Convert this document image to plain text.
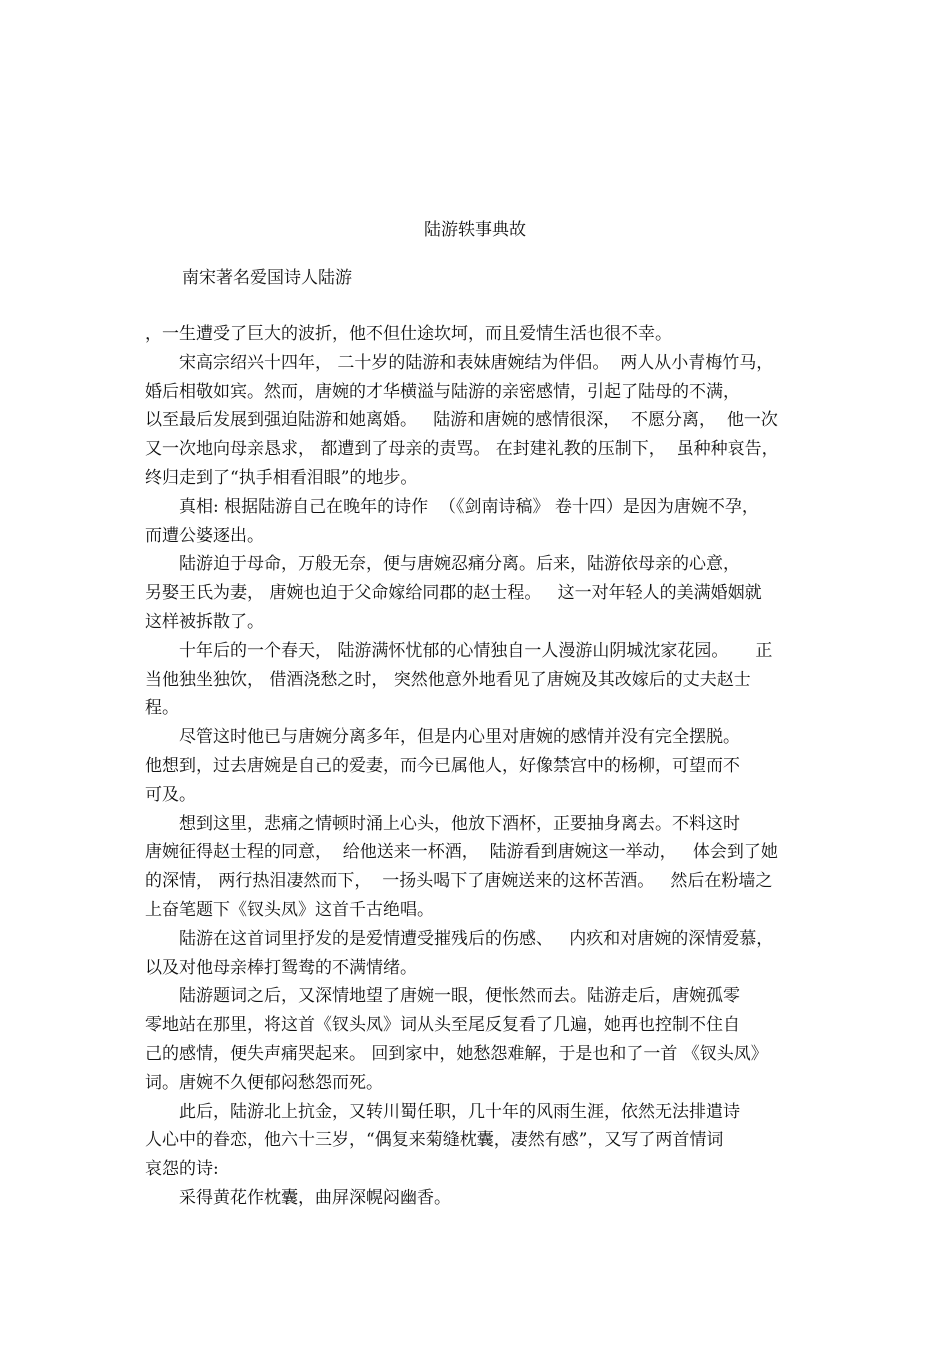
陆游轶事典故
南宋著名爱国诗人陆游
，一生遭受了巨大的波折，他不但仕途坎坷，而且爱情生活也很不幸。
　　宋高宗绍兴十四年， 二十岁的陆游和表妹唐婉结为伴侣。  两人从小青梅竹马，
婚后相敬如宾。然而，唐婉的才华横溢与陆游的亲密感情，引起了陆母的不满，
以至最后发展到强迫陆游和她离婚。   陆游和唐婉的感情很深，  不愿分离，  他一次
又一次地向母亲恳求， 都遭到了母亲的责骂。 在封建礼教的压制下，  虽种种哀告，
终归走到了“执手相看泪眼”的地步。
　　真相: 根据陆游自己在晚年的诗作  （《剑南诗稿》 卷十四）是因为唐婉不孕，
而遭公婆逐出。
　　陆游迫于母命，万般无奈，便与唐婉忍痛分离。后来，陆游依母亲的心意，
另娶王氏为妻， 唐婉也迫于父命嫁给同郡的赵士程。   这一对年轻人的美满婚姻就
这样被拆散了。
　　十年后的一个春天， 陆游满怀忧郁的心情独自一人漫游山阴城沈家花园。     正
当他独坐独饮， 借酒浇愁之时， 突然他意外地看见了唐婉及其改嫁后的丈夫赵士
程。
　　尽管这时他已与唐婉分离多年，但是内心里对唐婉的感情并没有完全摆脱。
他想到，过去唐婉是自己的爱妻，而今已属他人，好像禁宫中的杨柳，可望而不
可及。
　　想到这里，悲痛之情顿时涌上心头，他放下酒杯，正要抽身离去。不料这时
唐婉征得赵士程的同意，  给他送来一杯酒，  陆游看到唐婉这一举动，   体会到了她
的深情， 两行热泪凄然而下，  一扬头喝下了唐婉送来的这杯苦酒。   然后在粉墙之
上奋笔题下《钗头凤》这首千古绝唱。
　　陆游在这首词里抒发的是爱情遭受摧残后的伤感、   内疚和对唐婉的深情爱慕，
以及对他母亲棒打鸳鸯的不满情绪。
　　陆游题词之后，又深情地望了唐婉一眼，便怅然而去。陆游走后，唐婉孤零
零地站在那里，将这首《钗头凤》词从头至尾反复看了几遍，她再也控制不住自
己的感情，便失声痛哭起来。 回到家中，她愁怨难解，于是也和了一首 《钗头凤》
词。唐婉不久便郁闷愁怨而死。
　　此后，陆游北上抗金，又转川蜀任职，几十年的风雨生涯，依然无法排遣诗
人心中的眷恋，他六十三岁，“偶复来菊缝枕囊，凄然有感”，又写了两首情词
哀怨的诗:
　　采得黄花作枕囊，曲屏深幌闷幽香。
